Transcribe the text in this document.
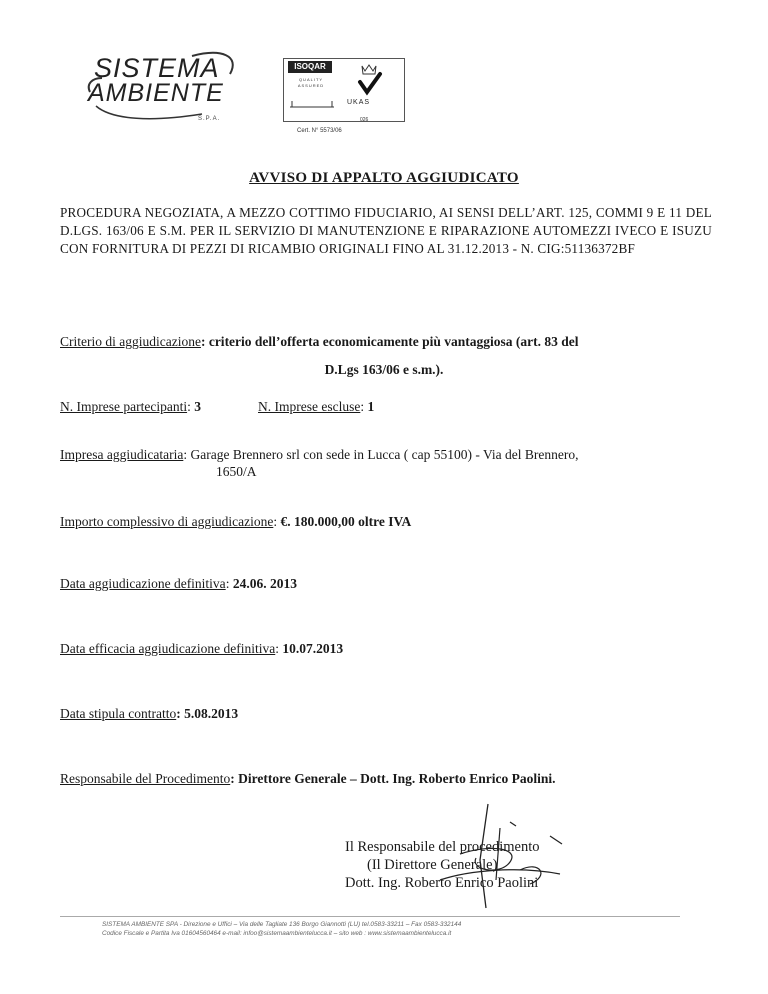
SISTEMA
AMBIENTE
S.P.A.
ISOQAR
QUALITY ASSURED
UKAS
026
Cert. N° 5573/06
AVVISO DI APPALTO AGGIUDICATO
PROCEDURA NEGOZIATA, A MEZZO COTTIMO FIDUCIARIO, AI SENSI DELL’ART. 125, COMMI 9 E 11 DEL D.LGS. 163/06 E S.M. PER IL SERVIZIO DI MANUTENZIONE E RIPARAZIONE AUTOMEZZI IVECO E ISUZU CON FORNITURA DI PEZZI DI RICAMBIO ORIGINALI FINO AL 31.12.2013 - N. CIG:51136372BF
Criterio di aggiudicazione: criterio dell’offerta economicamente più vantaggiosa (art. 83 del
D.Lgs 163/06 e s.m.).
N. Imprese partecipanti: 3	N. Imprese escluse: 1
Impresa aggiudicataria: Garage Brennero srl con sede in Lucca ( cap 55100) - Via del Brennero,
1650/A
Importo complessivo di aggiudicazione: €. 180.000,00 oltre IVA
Data aggiudicazione definitiva: 24.06. 2013
Data efficacia aggiudicazione definitiva: 10.07.2013
Data stipula contratto: 5.08.2013
Responsabile del Procedimento: Direttore Generale – Dott. Ing. Roberto Enrico Paolini.
Il Responsabile del procedimento
(Il Direttore Generale)
Dott. Ing. Roberto Enrico Paolini
SISTEMA AMBIENTE SPA - Direzione e Uffici – Via delle Tagliate 136 Borgo Giannotti (LU) tel.0583-33211 – Fax 0583-332144
Codice Fiscale e Partita Iva 01604560464 e-mail: infoo@sistemaambientelucca.it – sito web : www.sistemaambientelucca.it
